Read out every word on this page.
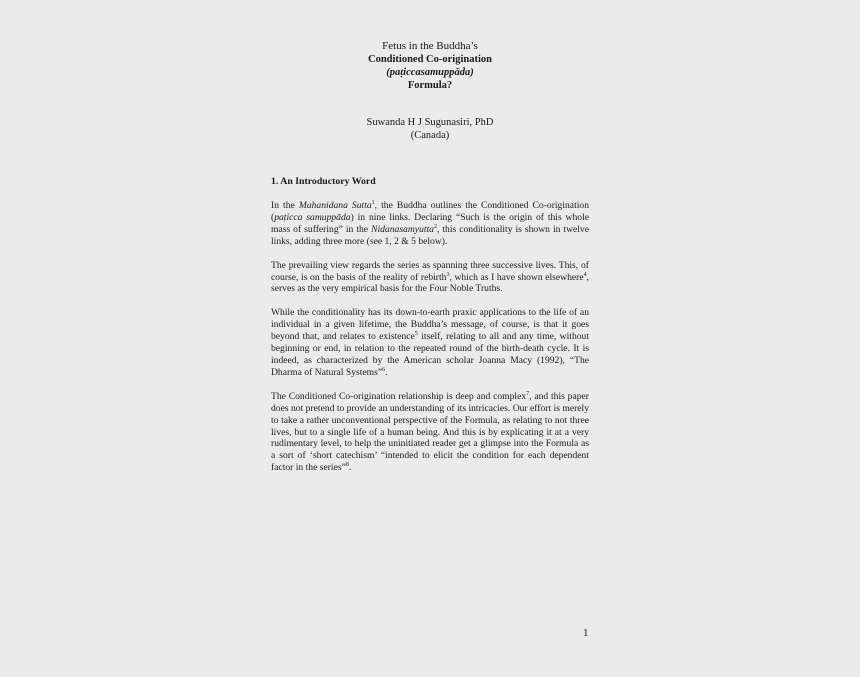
Fetus in the Buddha’s
Conditioned Co-origination
(paṭiccasamuppāda)
Formula?
Suwanda H J Sugunasiri, PhD
(Canada)
1. An Introductory Word

In the Mahanidana Sutta$^1$, the Buddha outlines the Conditioned Co-origination (paṭicca samuppāda) in nine links. Declaring “Such is the origin of this whole mass of suffering” in the Nidanasamyutta$^2$, this conditionality is shown in twelve links, adding three more (see 1, 2 & 5 below).

The prevailing view regards the series as spanning three successive lives. This, of course, is on the basis of the reality of rebirth$^3$, which as I have shown elsewhere$^4$, serves as the very empirical basis for the Four Noble Truths.

While the conditionality has its down-to-earth praxic applications to the life of an individual in a given lifetime, the Buddha’s message, of course, is that it goes beyond that, and relates to existence$^5$ itself, relating to all and any time, without beginning or end, in relation to the repeated round of the birth-death cycle. It is indeed, as characterized by the American scholar Joanna Macy (1992), “The Dharma of Natural Systems”$^6$.

The Conditioned Co-origination relationship is deep and complex$^7$, and this paper does not pretend to provide an understanding of its intricacies. Our effort is merely to take a rather unconventional perspective of the Formula, as relating to not three lives, but to a single life of a human being. And this is by explicating it at a very rudimentary level, to help the uninitiated reader get a glimpse into the Formula as a sort of ‘short catechism’ “intended to elicit the condition for each dependent factor in the series”$^8$.

1
